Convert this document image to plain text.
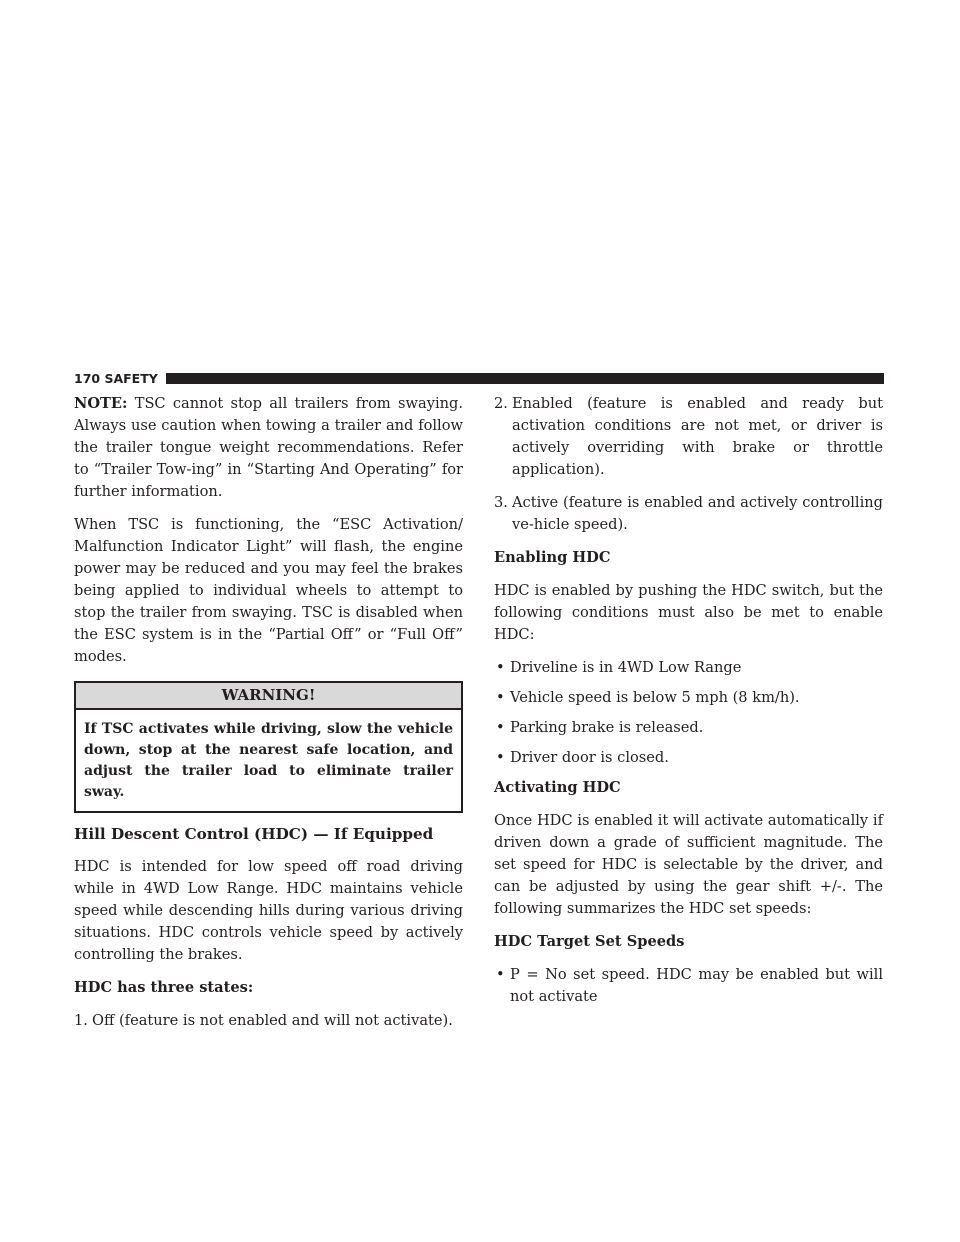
170 SAFETY

NOTE: TSC cannot stop all trailers from swaying. Always use caution when towing a trailer and follow the trailer tongue weight recommendations. Refer to “Trailer Tow-ing” in “Starting And Operating” for further information.

When TSC is functioning, the “ESC Activation/ Malfunction Indicator Light” will flash, the engine power may be reduced and you may feel the brakes being applied to individual wheels to attempt to stop the trailer from swaying. TSC is disabled when the ESC system is in the “Partial Off” or “Full Off” modes.

WARNING!
If TSC activates while driving, slow the vehicle down, stop at the nearest safe location, and adjust the trailer load to eliminate trailer sway.
Hill Descent Control (HDC) — If Equipped

HDC is intended for low speed off road driving while in 4WD Low Range. HDC maintains vehicle speed while descending hills during various driving situations. HDC controls vehicle speed by actively controlling the brakes.

HDC has three states:

1. Off (feature is not enabled and will not activate).
2. Enabled (feature is enabled and ready but activation conditions are not met, or driver is actively overriding with brake or throttle application).
3. Active (feature is enabled and actively controlling ve-hicle speed).

Enabling HDC

HDC is enabled by pushing the HDC switch, but the following conditions must also be met to enable HDC:

• Driveline is in 4WD Low Range
• Vehicle speed is below 5 mph (8 km/h).
• Parking brake is released.
• Driver door is closed.

Activating HDC

Once HDC is enabled it will activate automatically if driven down a grade of sufficient magnitude. The set speed for HDC is selectable by the driver, and can be adjusted by using the gear shift +/-. The following summarizes the HDC set speeds:

HDC Target Set Speeds

• P = No set speed. HDC may be enabled but will not activate
